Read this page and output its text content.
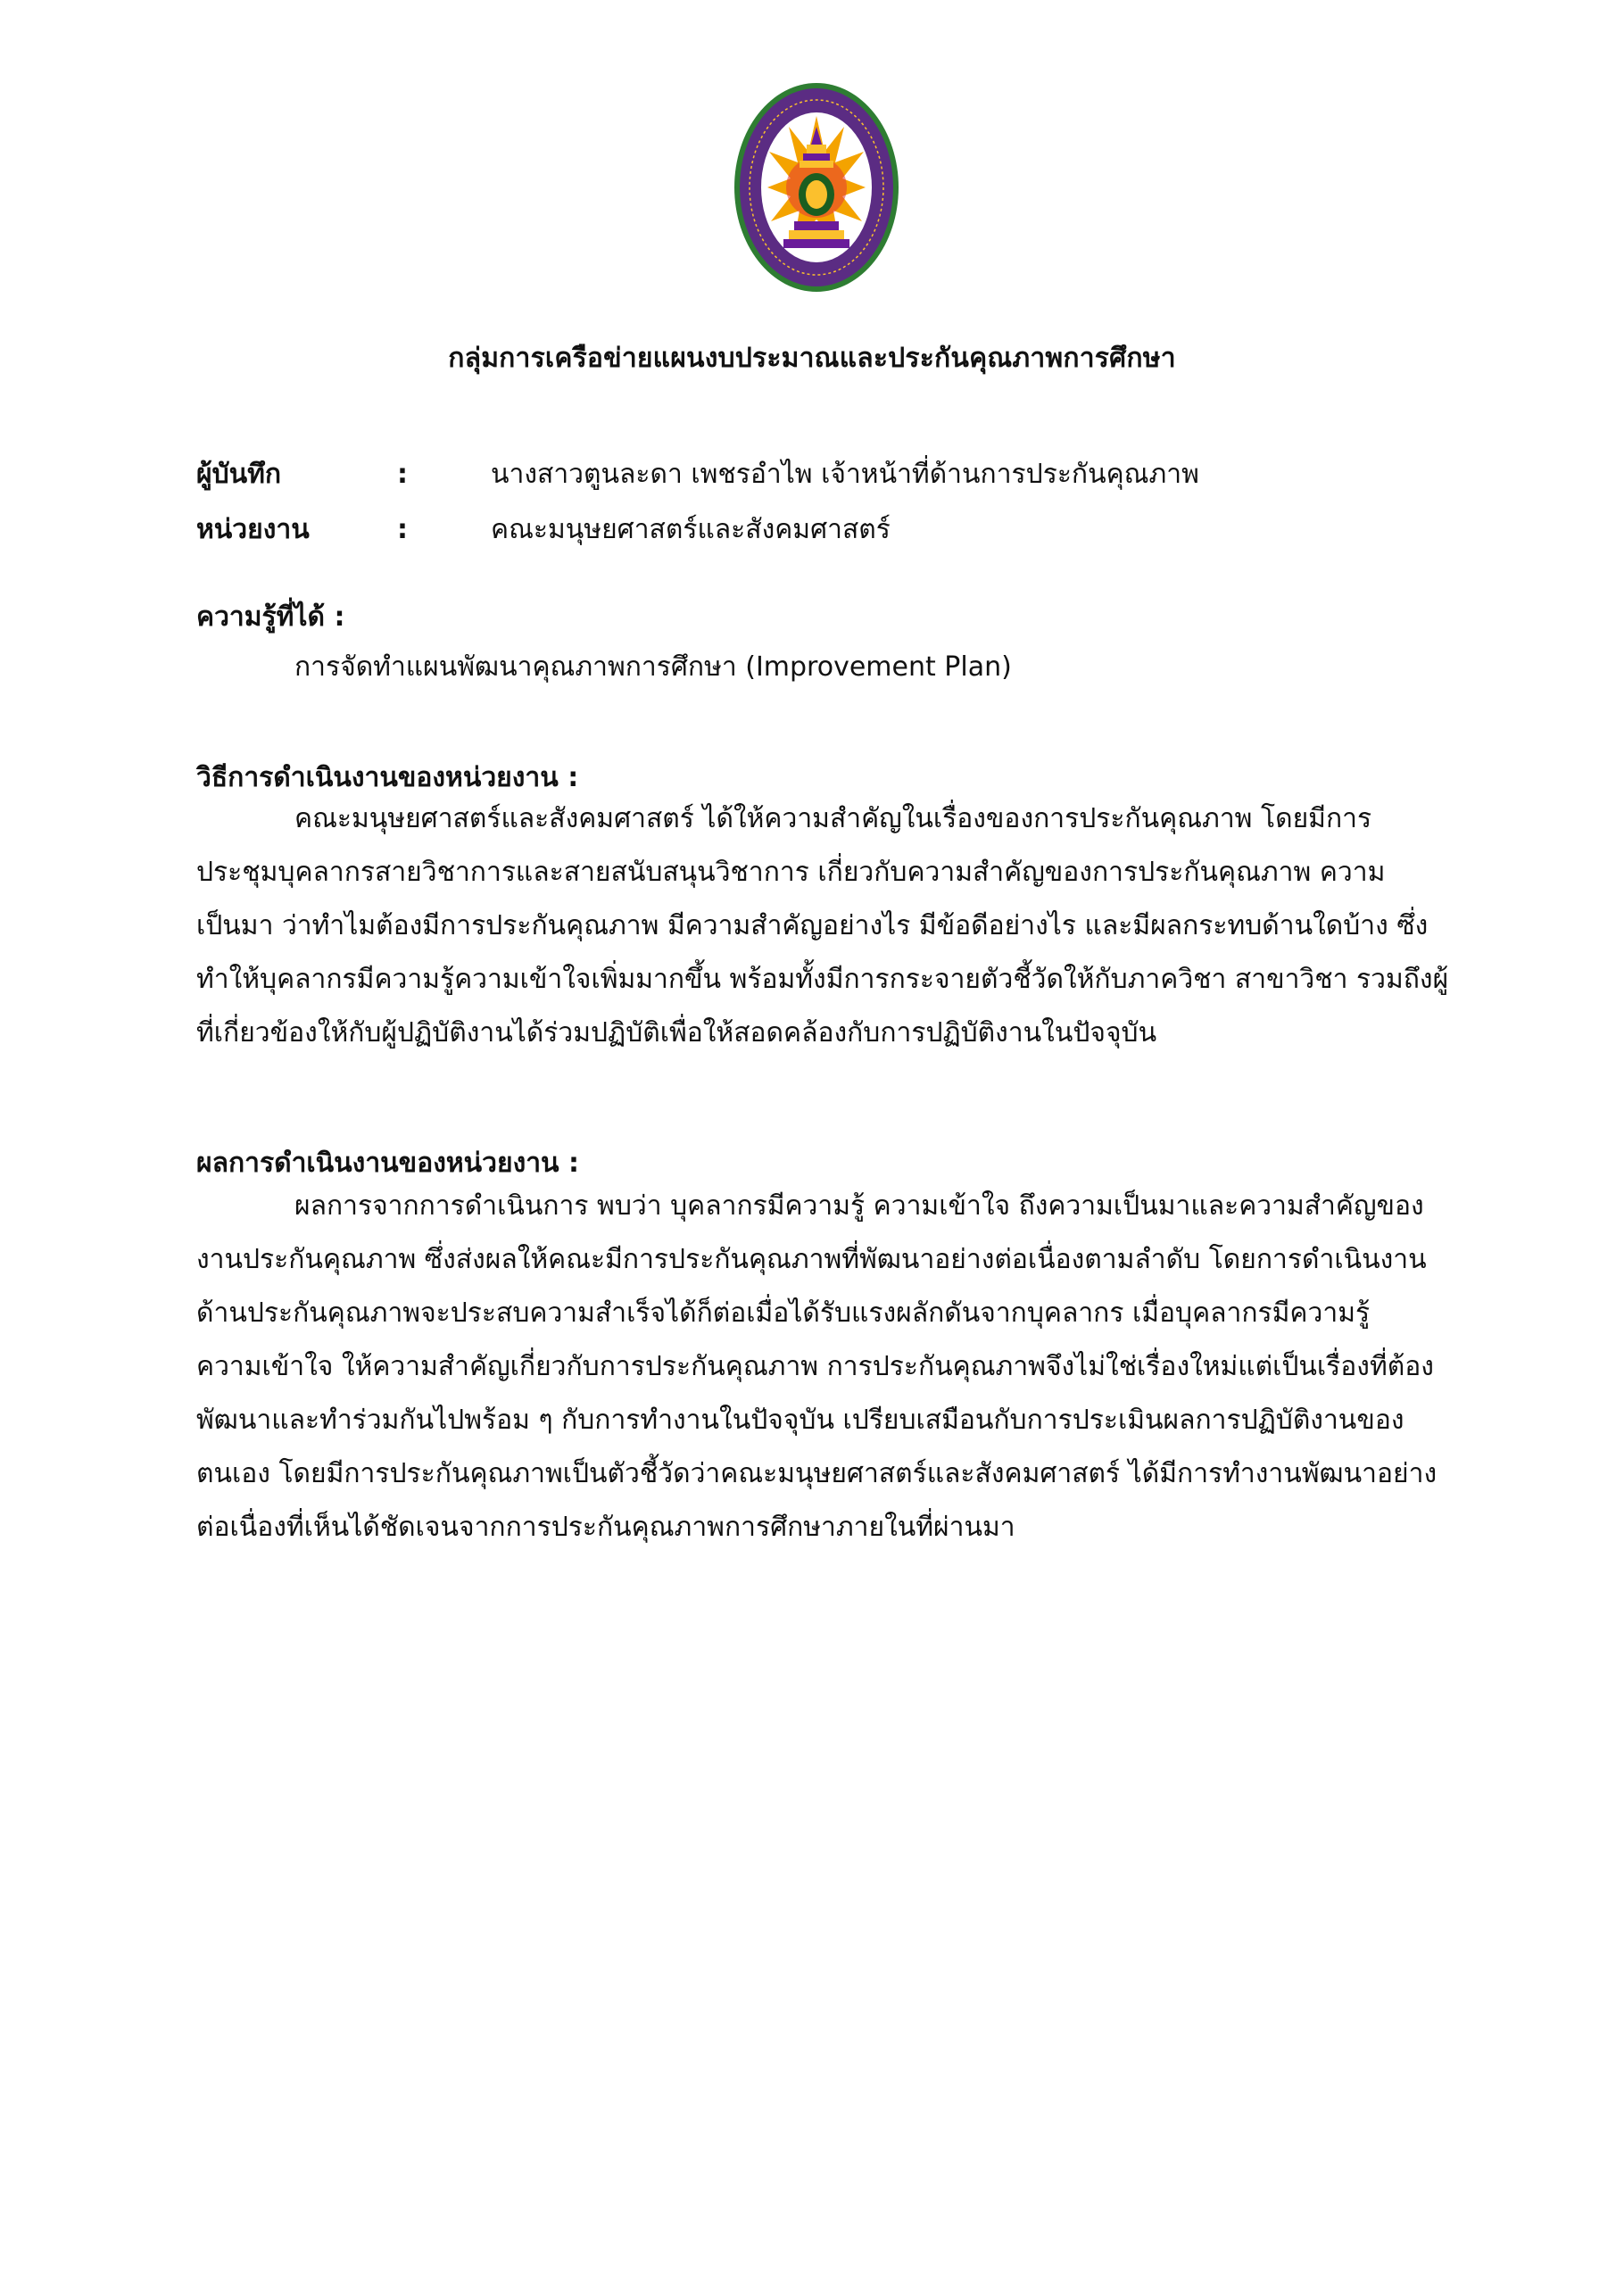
กลุ่มการเครือข่ายแผนงบประมาณและประกันคุณภาพการศึกษา
ผู้บันทึก	:	นางสาวตูนละดา เพชรอำไพ เจ้าหน้าที่ด้านการประกันคุณภาพ
หน่วยงาน	:	คณะมนุษยศาสตร์และสังคมศาสตร์
ความรู้ที่ได้ :
การจัดทำแผนพัฒนาคุณภาพการศึกษา (Improvement Plan)
วิธีการดำเนินงานของหน่วยงาน :
คณะมนุษยศาสตร์และสังคมศาสตร์ ได้ให้ความสำคัญในเรื่องของการประกันคุณภาพ โดยมีการ
ประชุมบุคลากรสายวิชาการและสายสนับสนุนวิชาการ เกี่ยวกับความสำคัญของการประกันคุณภาพ ความ
เป็นมา ว่าทำไมต้องมีการประกันคุณภาพ มีความสำคัญอย่างไร มีข้อดีอย่างไร และมีผลกระทบด้านใดบ้าง ซึ่ง
ทำให้บุคลากรมีความรู้ความเข้าใจเพิ่มมากขึ้น พร้อมทั้งมีการกระจายตัวชี้วัดให้กับภาควิชา สาขาวิชา รวมถึงผู้
ที่เกี่ยวข้องให้กับผู้ปฏิบัติงานได้ร่วมปฏิบัติเพื่อให้สอดคล้องกับการปฏิบัติงานในปัจจุบัน
ผลการดำเนินงานของหน่วยงาน :
ผลการจากการดำเนินการ พบว่า บุคลากรมีความรู้ ความเข้าใจ ถึงความเป็นมาและความสำคัญของ
งานประกันคุณภาพ ซึ่งส่งผลให้คณะมีการประกันคุณภาพที่พัฒนาอย่างต่อเนื่องตามลำดับ โดยการดำเนินงาน
ด้านประกันคุณภาพจะประสบความสำเร็จได้ก็ต่อเมื่อได้รับแรงผลักดันจากบุคลากร เมื่อบุคลากรมีความรู้
ความเข้าใจ ให้ความสำคัญเกี่ยวกับการประกันคุณภาพ การประกันคุณภาพจึงไม่ใช่เรื่องใหม่แต่เป็นเรื่องที่ต้อง
พัฒนาและทำร่วมกันไปพร้อม ๆ กับการทำงานในปัจจุบัน เปรียบเสมือนกับการประเมินผลการปฏิบัติงานของ
ตนเอง โดยมีการประกันคุณภาพเป็นตัวชี้วัดว่าคณะมนุษยศาสตร์และสังคมศาสตร์ ได้มีการทำงานพัฒนาอย่าง
ต่อเนื่องที่เห็นได้ชัดเจนจากการประกันคุณภาพการศึกษาภายในที่ผ่านมา
